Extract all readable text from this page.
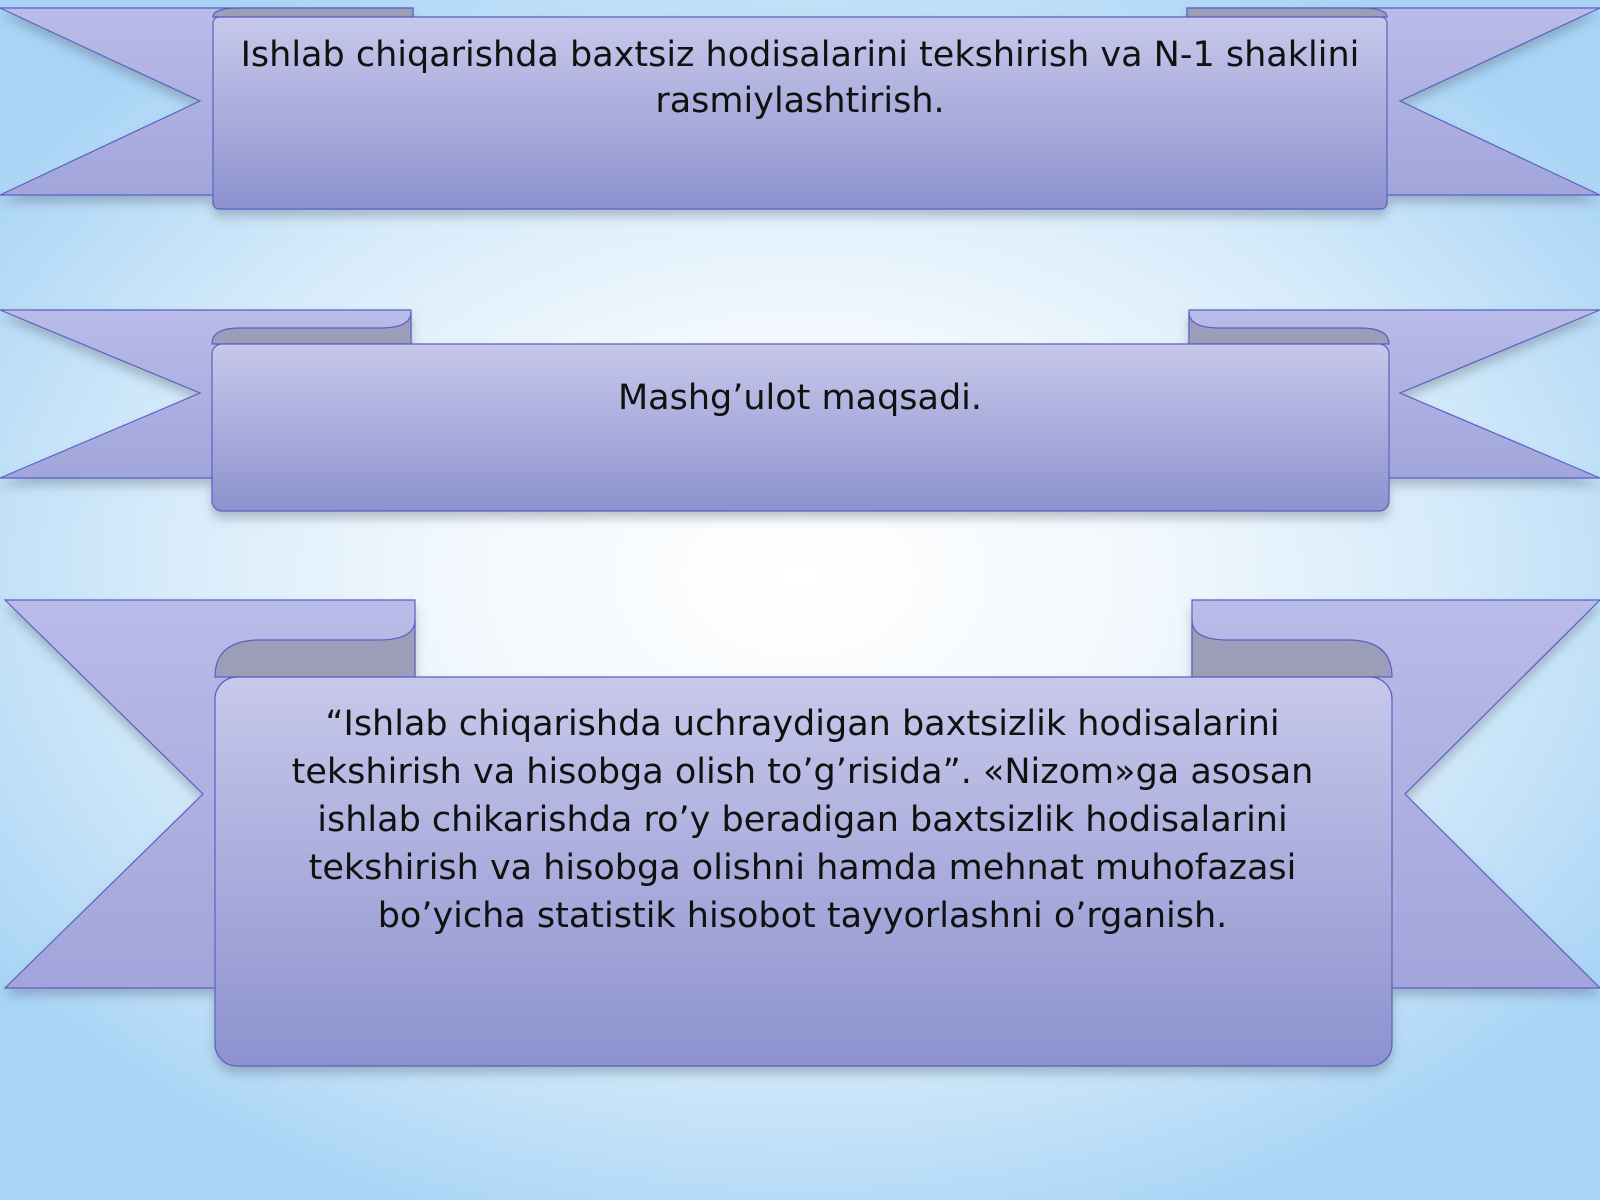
Ishlab chiqarishda baxtsiz hodisalarini tekshirish va N-1 shaklini rasmiylashtirish.

Mashg’ulot maqsadi.

“Ishlab chiqarishda uchraydigan baxtsizlik hodisalarini tekshirish va hisobga olish to’g’risida”. «Nizom»ga asosan ishlab chikarishda ro’y beradigan baxtsizlik hodisalarini tekshirish va hisobga olishni hamda mehnat muhofazasi bo’yicha statistik hisobot tayyorlashni o’rganish.
